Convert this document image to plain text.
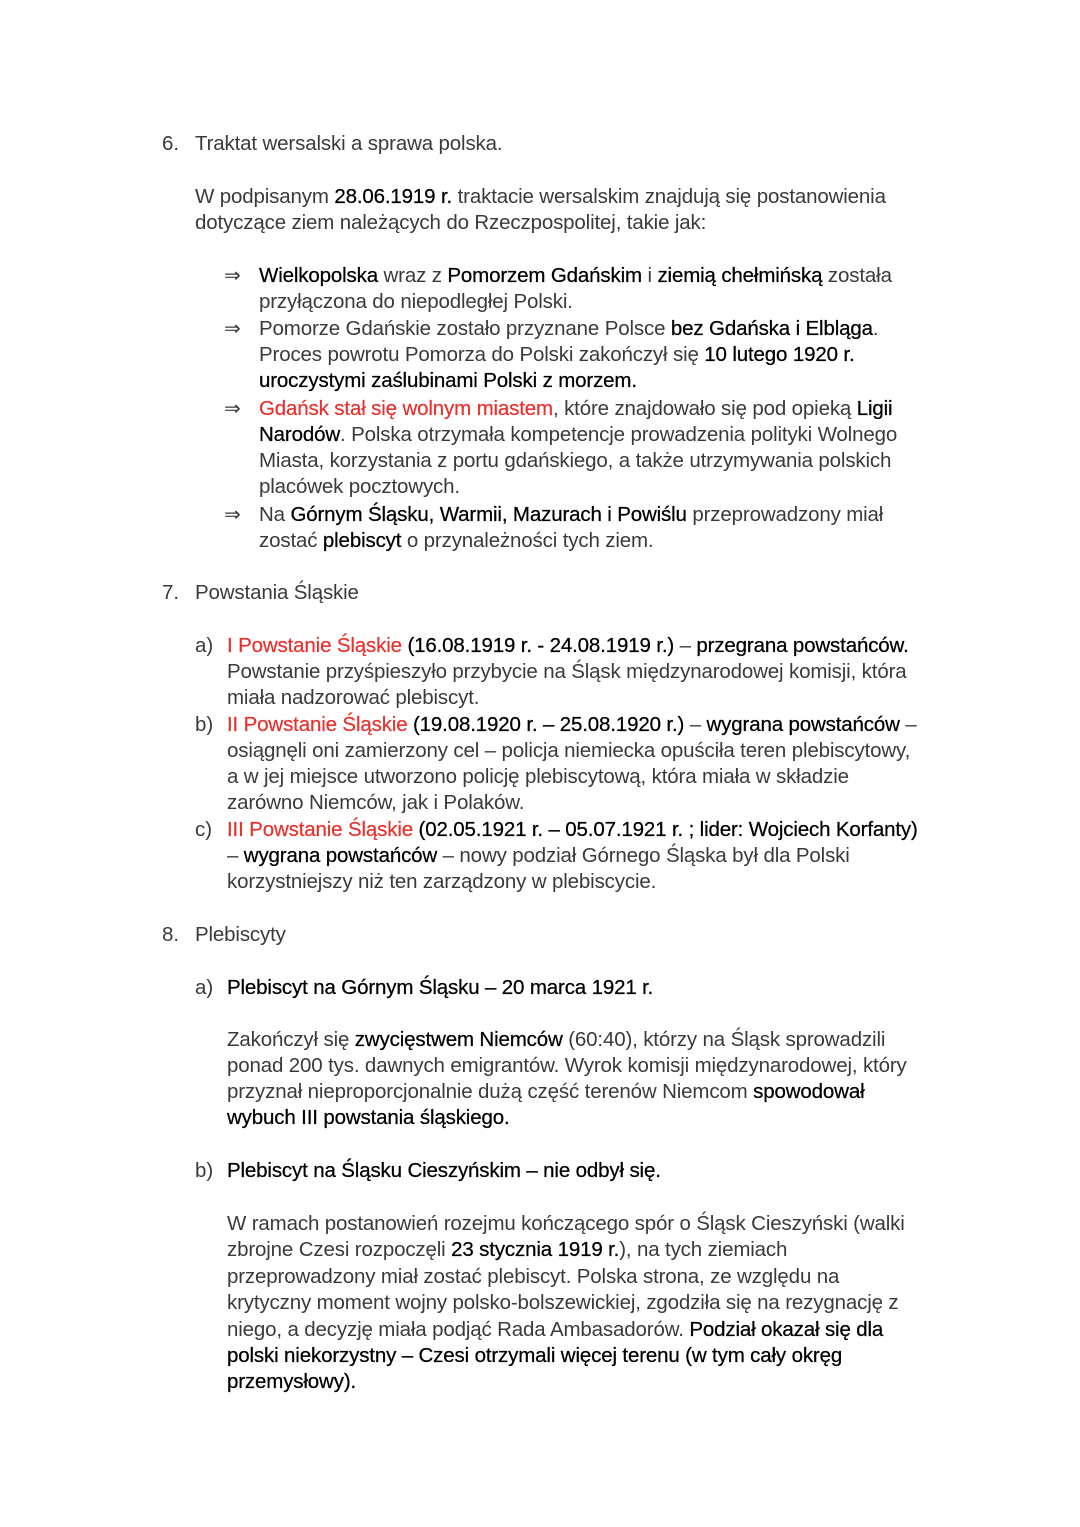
6. Traktat wersalski a sprawa polska.
W podpisanym 28.06.1919 r. traktacie wersalskim znajdują się postanowienia
dotyczące ziem należących do Rzeczpospolitej, takie jak:
⇒ Wielkopolska wraz z Pomorzem Gdańskim i ziemią chełmińską została
przyłączona do niepodległej Polski.
⇒ Pomorze Gdańskie zostało przyznane Polsce bez Gdańska i Elbląga.
Proces powrotu Pomorza do Polski zakończył się 10 lutego 1920 r.
uroczystymi zaślubinami Polski z morzem.
⇒ Gdańsk stał się wolnym miastem, które znajdowało się pod opieką Ligii
Narodów. Polska otrzymała kompetencje prowadzenia polityki Wolnego
Miasta, korzystania z portu gdańskiego, a także utrzymywania polskich
placówek pocztowych.
⇒ Na Górnym Śląsku, Warmii, Mazurach i Powiślu przeprowadzony miał
zostać plebiscyt o przynależności tych ziem.
7. Powstania Śląskie
a) I Powstanie Śląskie (16.08.1919 r. - 24.08.1919 r.) – przegrana powstańców.
Powstanie przyśpieszyło przybycie na Śląsk międzynarodowej komisji, która
miała nadzorować plebiscyt.
b) II Powstanie Śląskie (19.08.1920 r. – 25.08.1920 r.) – wygrana powstańców –
osiągnęli oni zamierzony cel – policja niemiecka opuściła teren plebiscytowy,
a w jej miejsce utworzono policję plebiscytową, która miała w składzie
zarówno Niemców, jak i Polaków.
c) III Powstanie Śląskie (02.05.1921 r. – 05.07.1921 r. ; lider: Wojciech Korfanty)
– wygrana powstańców – nowy podział Górnego Śląska był dla Polski
korzystniejszy niż ten zarządzony w plebiscycie.
8. Plebiscyty
a) Plebiscyt na Górnym Śląsku – 20 marca 1921 r.
Zakończył się zwycięstwem Niemców (60:40), którzy na Śląsk sprowadzili
ponad 200 tys. dawnych emigrantów. Wyrok komisji międzynarodowej, który
przyznał nieproporcjonalnie dużą część terenów Niemcom spowodował
wybuch III powstania śląskiego.
b) Plebiscyt na Śląsku Cieszyńskim – nie odbył się.
W ramach postanowień rozejmu kończącego spór o Śląsk Cieszyński (walki
zbrojne Czesi rozpoczęli 23 stycznia 1919 r.), na tych ziemiach
przeprowadzony miał zostać plebiscyt. Polska strona, ze względu na
krytyczny moment wojny polsko-bolszewickiej, zgodziła się na rezygnację z
niego, a decyzję miała podjąć Rada Ambasadorów. Podział okazał się dla
polski niekorzystny – Czesi otrzymali więcej terenu (w tym cały okręg
przemysłowy).
